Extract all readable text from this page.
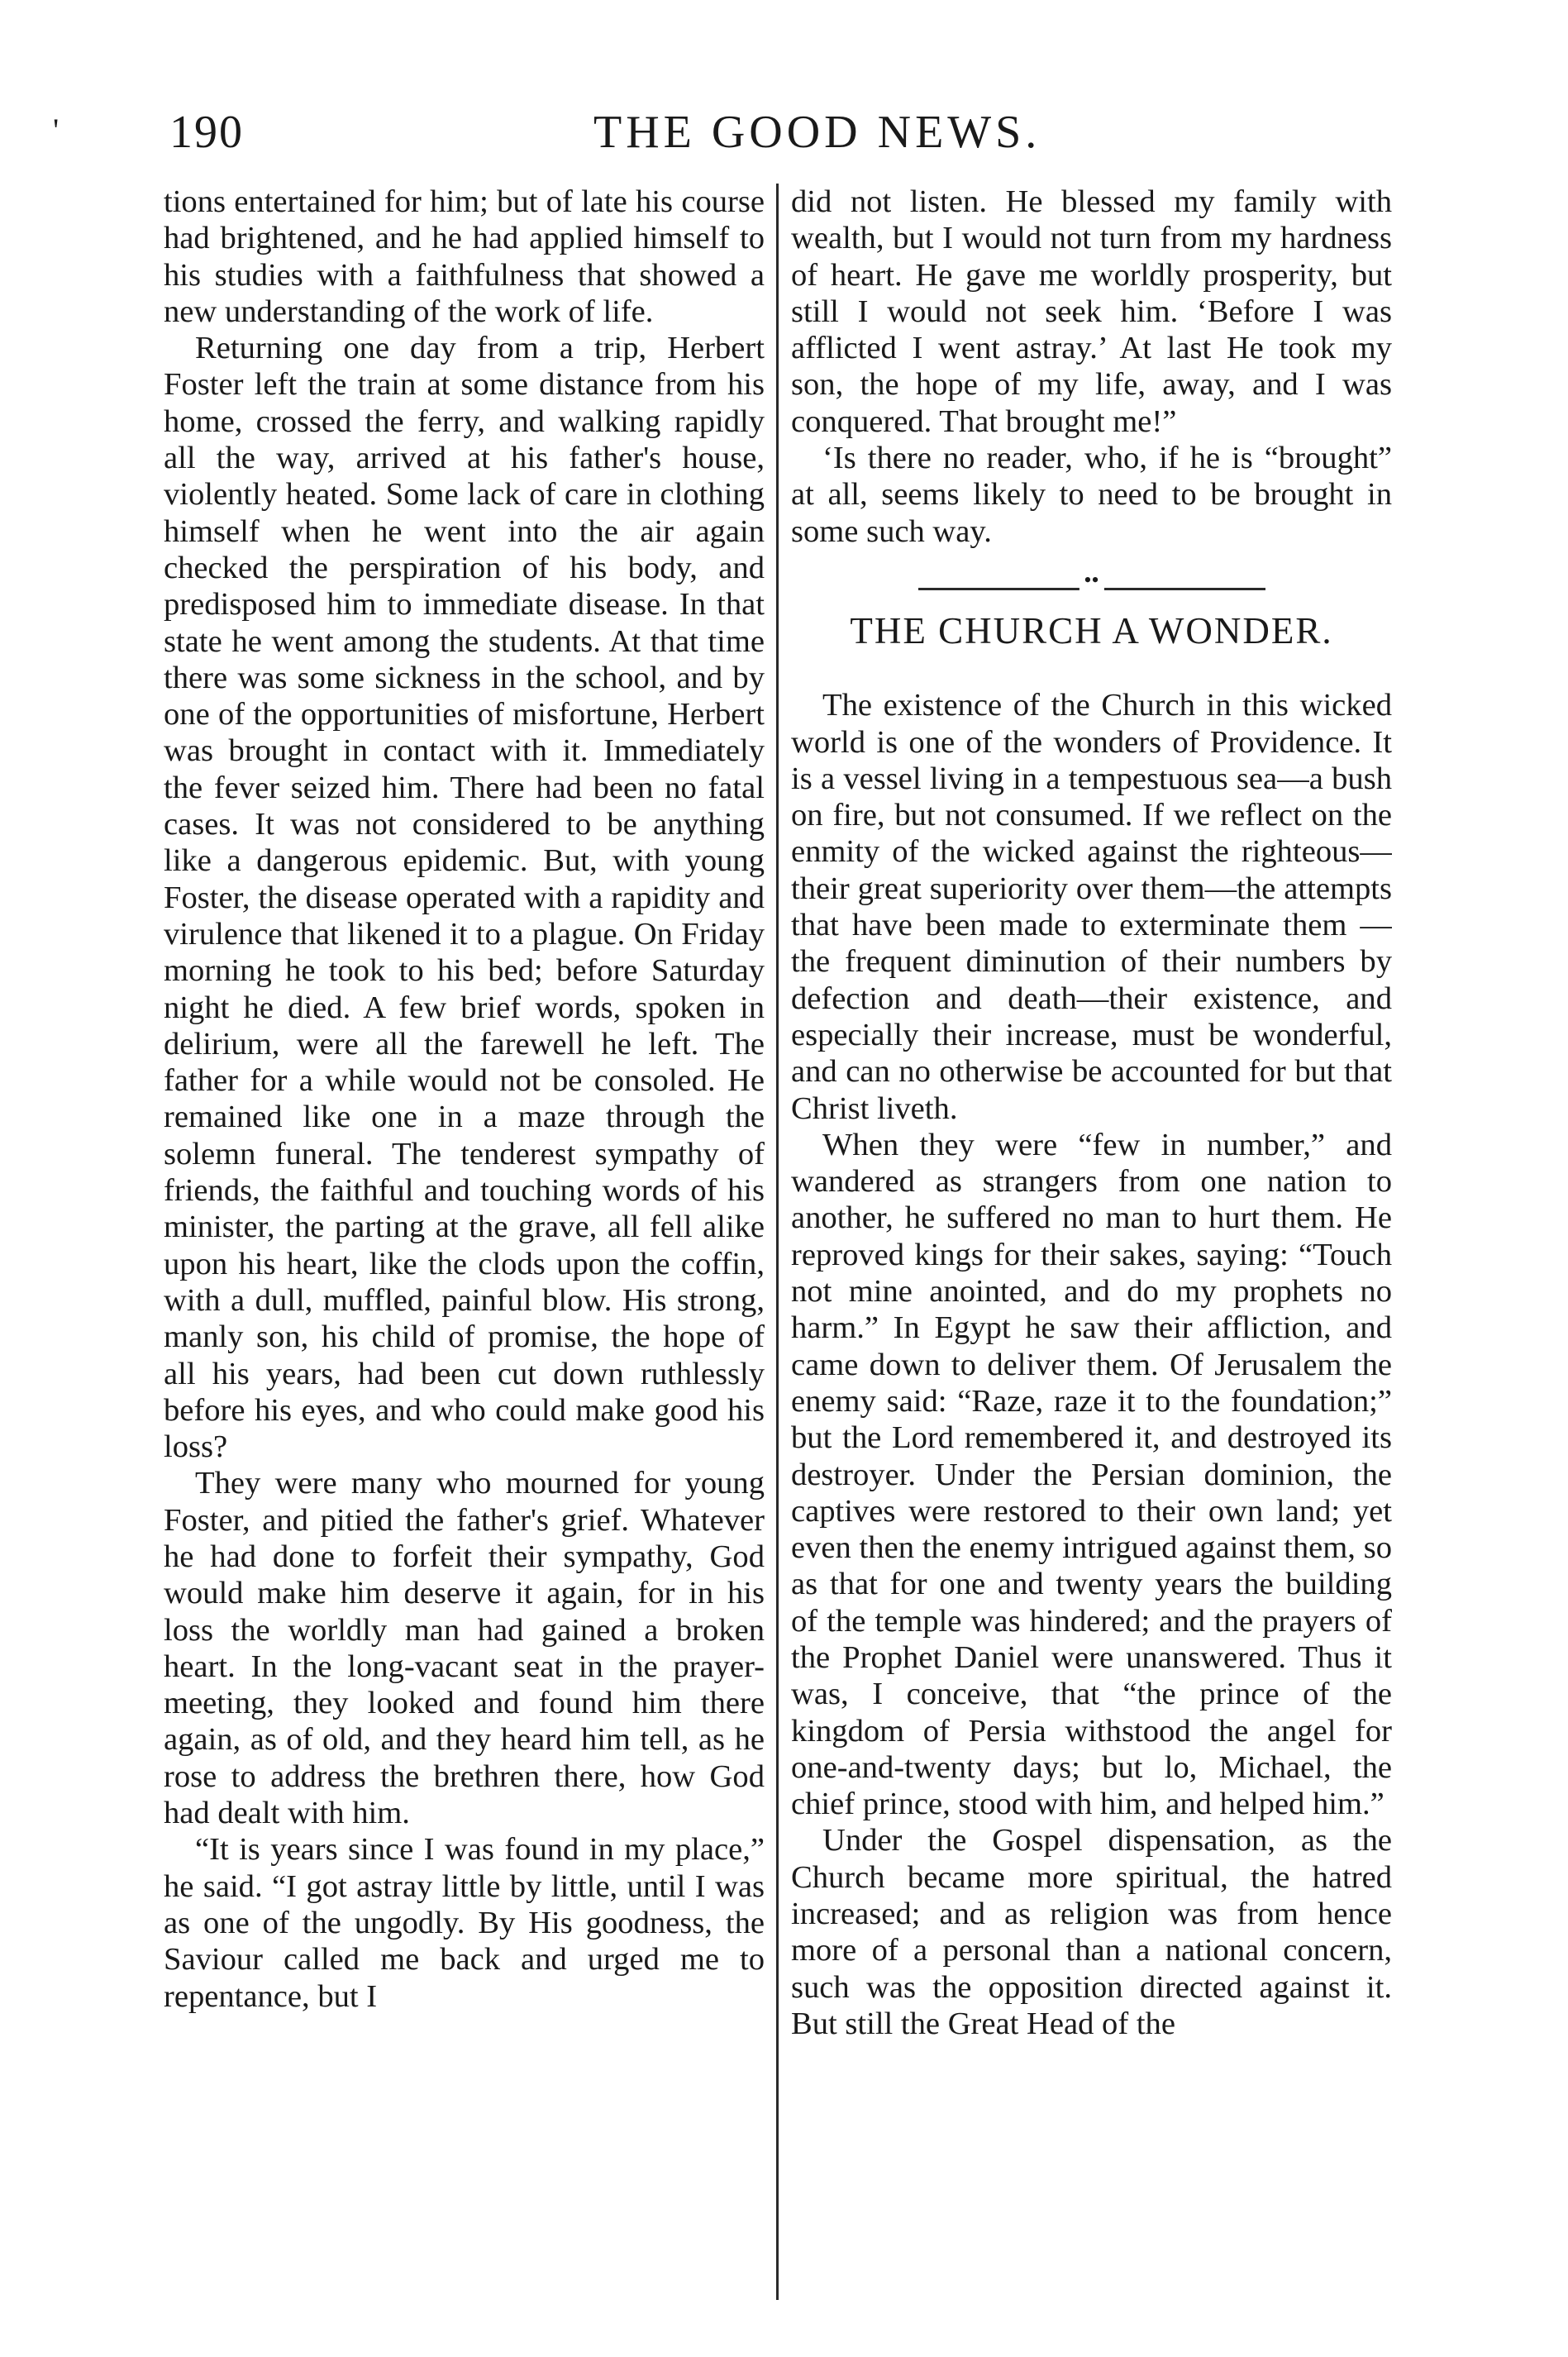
' 190	THE GOOD NEWS.

tions entertained for him; but of late his course had brightened, and he had applied himself to his studies with a faithfulness that showed a new understanding of the work of life.

Returning one day from a trip, Herbert Foster left the train at some distance from his home, crossed the ferry, and walking rapidly all the way, arrived at his father's house, violently heated. Some lack of care in clothing himself when he went into the air again checked the perspiration of his body, and predisposed him to immediate disease. In that state he went among the students. At that time there was some sickness in the school, and by one of the opportunities of misfortune, Herbert was brought in contact with it. Immediately the fever seized him. There had been no fatal cases. It was not considered to be anything like a dangerous epidemic. But, with young Foster, the disease operated with a rapidity and virulence that likened it to a plague. On Friday morning he took to his bed; before Saturday night he died. A few brief words, spoken in delirium, were all the farewell he left. The father for a while would not be consoled. He remained like one in a maze through the solemn funeral. The tenderest sympathy of friends, the faithful and touching words of his minister, the parting at the grave, all fell alike upon his heart, like the clods upon the coffin, with a dull, muffled, painful blow. His strong, manly son, his child of promise, the hope of all his years, had been cut down ruthlessly before his eyes, and who could make good his loss?

They were many who mourned for young Foster, and pitied the father's grief. Whatever he had done to forfeit their sympathy, God would make him deserve it again, for in his loss the worldly man had gained a broken heart. In the long-vacant seat in the prayer-meeting, they looked and found him there again, as of old, and they heard him tell, as he rose to address the brethren there, how God had dealt with him.

“It is years since I was found in my place,” he said. “I got astray little by little, until I was as one of the ungodly. By His goodness, the Saviour called me back and urged me to repentance, but I

did not listen. He blessed my family with wealth, but I would not turn from my hardness of heart. He gave me worldly prosperity, but still I would not seek him. ‘Before I was afflicted I went astray.’ At last He took my son, the hope of my life, away, and I was conquered. That brought me!”

‘Is there no reader, who, if he is “brought” at all, seems likely to need to be brought in some such way.

••
THE CHURCH A WONDER.

The existence of the Church in this wicked world is one of the wonders of Providence. It is a vessel living in a tempestuous sea—a bush on fire, but not consumed. If we reflect on the enmity of the wicked against the righteous—their great superiority over them—the attempts that have been made to exterminate them —the frequent diminution of their numbers by defection and death—their existence, and especially their increase, must be wonderful, and can no otherwise be accounted for but that Christ liveth.

When they were “few in number,” and wandered as strangers from one nation to another, he suffered no man to hurt them. He reproved kings for their sakes, saying: “Touch not mine anointed, and do my prophets no harm.” In Egypt he saw their affliction, and came down to deliver them. Of Jerusalem the enemy said: “Raze, raze it to the foundation;” but the Lord remembered it, and destroyed its destroyer. Under the Persian dominion, the captives were restored to their own land; yet even then the enemy intrigued against them, so as that for one and twenty years the building of the temple was hindered; and the prayers of the Prophet Daniel were unanswered. Thus it was, I conceive, that “the prince of the kingdom of Persia withstood the angel for one-and-twenty days; but lo, Michael, the chief prince, stood with him, and helped him.”

Under the Gospel dispensation, as the Church became more spiritual, the hatred increased; and as religion was from hence more of a personal than a national concern, such was the opposition directed against it. But still the Great Head of the
